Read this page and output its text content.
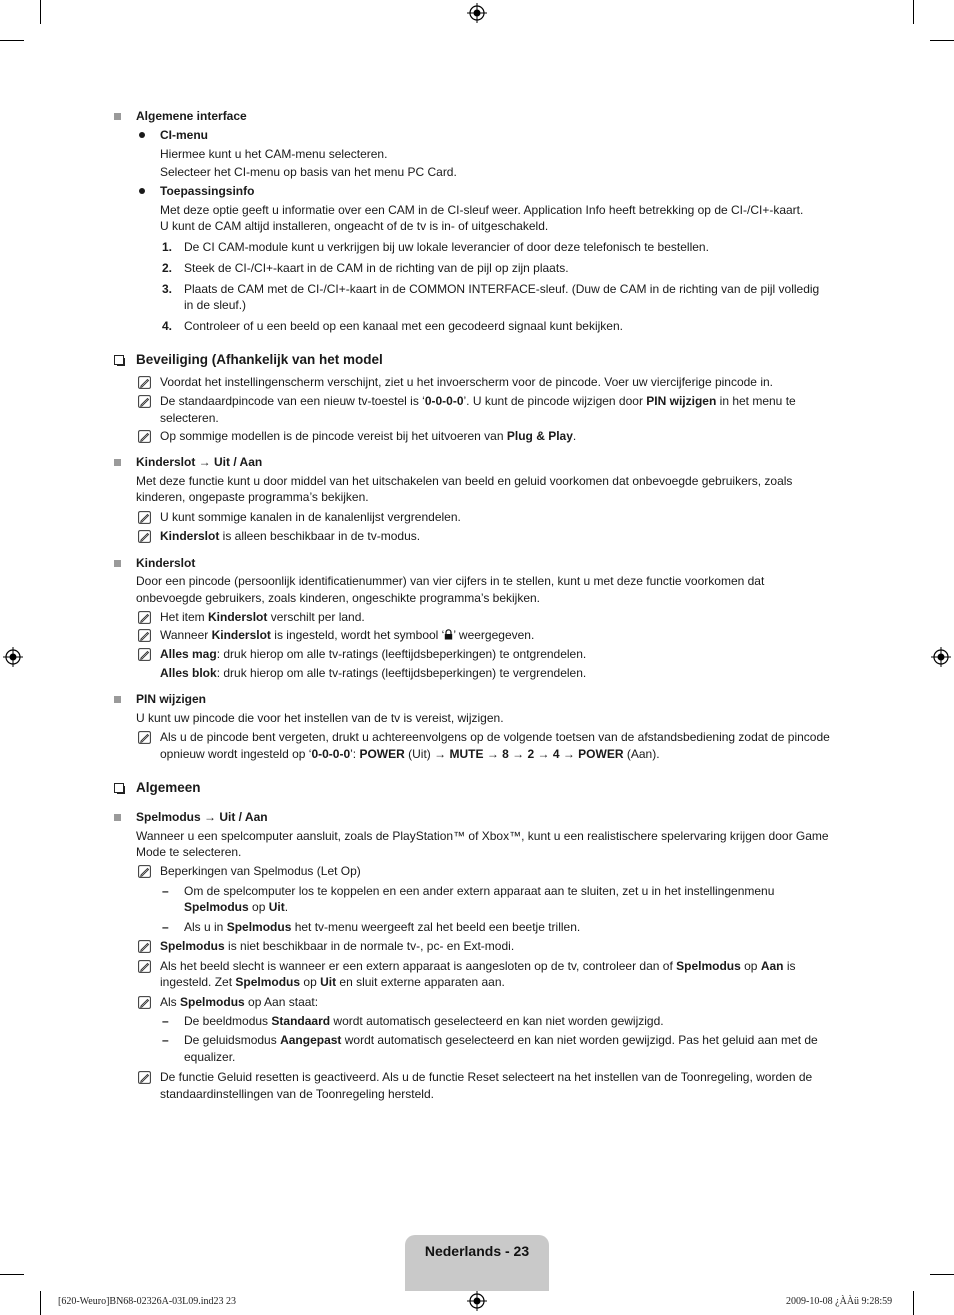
Algemene interface
CI-menu
Hiermee kunt u het CAM-menu selecteren.
Selecteer het CI-menu op basis van het menu PC Card.
Toepassingsinfo
Met deze optie geeft u informatie over een CAM in de CI-sleuf weer. Application Info heeft betrekking op de CI-/CI+-kaart.
U kunt de CAM altijd installeren, ongeacht of de tv is in- of uitgeschakeld.
1. De CI CAM-module kunt u verkrijgen bij uw lokale leverancier of door deze telefonisch te bestellen.
2. Steek de CI-/CI+-kaart in de CAM in de richting van de pijl op zijn plaats.
3. Plaats de CAM met de CI-/CI+-kaart in de COMMON INTERFACE-sleuf. (Duw de CAM in de richting van de pijl volledig
in de sleuf.)
4. Controleer of u een beeld op een kanaal met een gecodeerd signaal kunt bekijken.
Beveiliging (Afhankelijk van het model
Voordat het instellingenscherm verschijnt, ziet u het invoerscherm voor de pincode. Voer uw viercijferige pincode in.
De standaardpincode van een nieuw tv-toestel is ‘0-0-0-0’. U kunt de pincode wijzigen door PIN wijzigen in het menu te
selecteren.
Op sommige modellen is de pincode vereist bij het uitvoeren van Plug & Play.
Kinderslot → Uit / Aan
Met deze functie kunt u door middel van het uitschakelen van beeld en geluid voorkomen dat onbevoegde gebruikers, zoals
kinderen, ongepaste programma’s bekijken.
U kunt sommige kanalen in de kanalenlijst vergrendelen.
Kinderslot is alleen beschikbaar in de tv-modus.
Kinderslot
Door een pincode (persoonlijk identificatienummer) van vier cijfers in te stellen, kunt u met deze functie voorkomen dat
onbevoegde gebruikers, zoals kinderen, ongeschikte programma’s bekijken.
Het item Kinderslot verschilt per land.
Wanneer Kinderslot is ingesteld, wordt het symbool ‘ ’ weergegeven.
Alles mag: druk hierop om alle tv-ratings (leeftijdsbeperkingen) te ontgrendelen.
Alles blok: druk hierop om alle tv-ratings (leeftijdsbeperkingen) te vergrendelen.
PIN wijzigen
U kunt uw pincode die voor het instellen van de tv is vereist, wijzigen.
Als u de pincode bent vergeten, drukt u achtereenvolgens op de volgende toetsen van de afstandsbediening zodat de pincode
opnieuw wordt ingesteld op ‘0-0-0-0’: POWER (Uit) → MUTE → 8 → 2 → 4 → POWER (Aan).
Algemeen
Spelmodus → Uit / Aan
Wanneer u een spelcomputer aansluit, zoals de PlayStation™ of Xbox™, kunt u een realistischere spelervaring krijgen door Game
Mode te selecteren.
Beperkingen van Spelmodus (Let Op)
– Om de spelcomputer los te koppelen en een ander extern apparaat aan te sluiten, zet u in het instellingenmenu
Spelmodus op Uit.
– Als u in Spelmodus het tv-menu weergeeft zal het beeld een beetje trillen.
Spelmodus is niet beschikbaar in de normale tv-, pc- en Ext-modi.
Als het beeld slecht is wanneer er een extern apparaat is aangesloten op de tv, controleer dan of Spelmodus op Aan is
ingesteld. Zet Spelmodus op Uit en sluit externe apparaten aan.
Als Spelmodus op Aan staat:
– De beeldmodus Standaard wordt automatisch geselecteerd en kan niet worden gewijzigd.
– De geluidsmodus Aangepast wordt automatisch geselecteerd en kan niet worden gewijzigd. Pas het geluid aan met de
equalizer.
De functie Geluid resetten is geactiveerd. Als u de functie Reset selecteert na het instellen van de Toonregeling, worden de
standaardinstellingen van de Toonregeling hersteld.
Nederlands - 23
[620-Weuro]BN68-02326A-03L09.ind23 23	2009-10-08 ¿ÀÀü 9:28:59
